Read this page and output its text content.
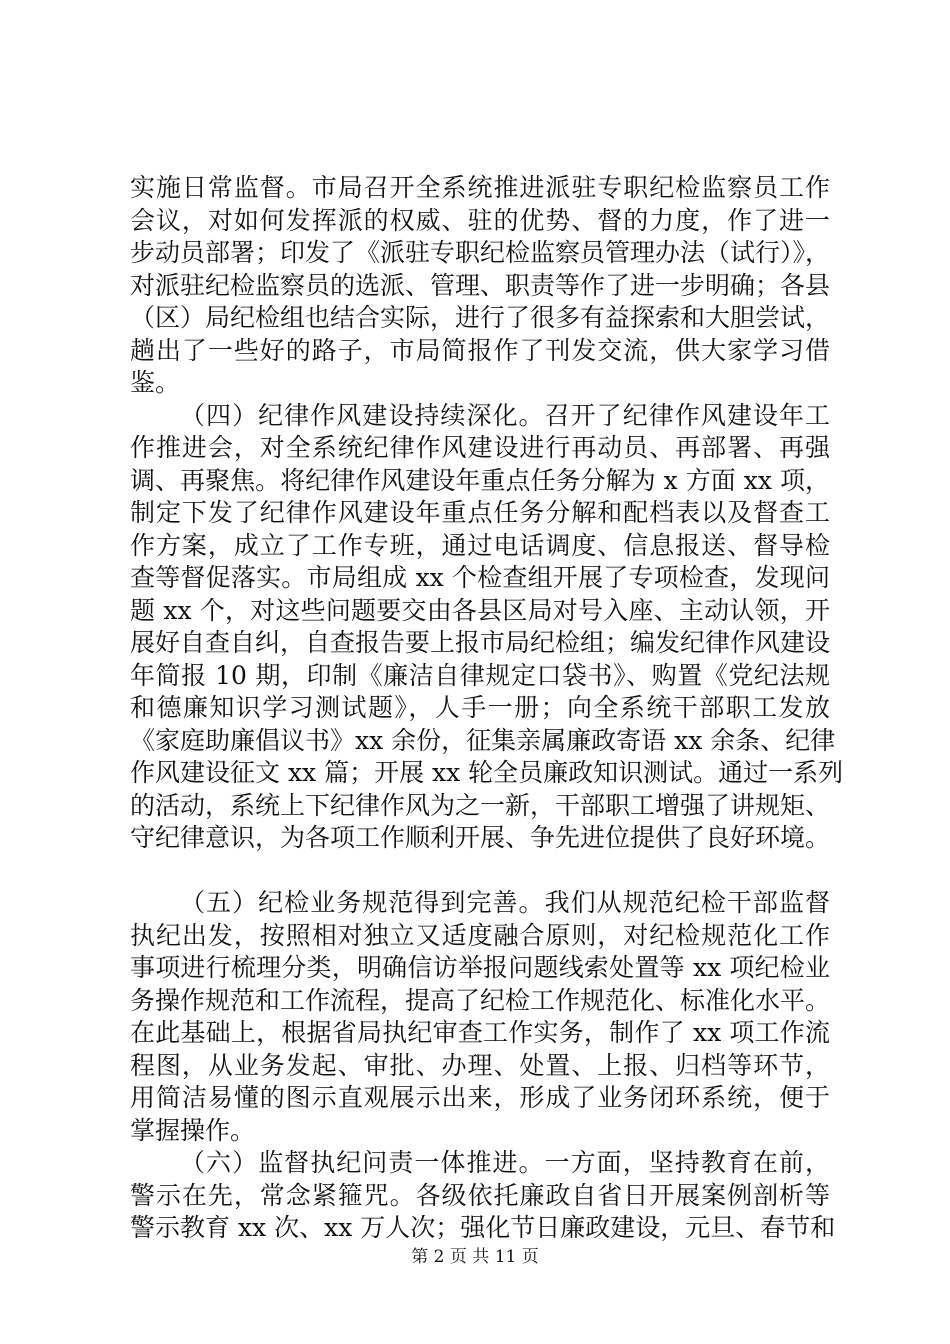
实施日常监督。市局召开全系统推进派驻专职纪检监察员工作
会议，对如何发挥派的权威、驻的优势、督的力度，作了进一
步动员部署；印发了《派驻专职纪检监察员管理办法（试行）》，
对派驻纪检监察员的选派、管理、职责等作了进一步明确；各县
（区）局纪检组也结合实际，进行了很多有益探索和大胆尝试，
趟出了一些好的路子，市局简报作了刊发交流，供大家学习借
鉴。
（四）纪律作风建设持续深化。召开了纪律作风建设年工
作推进会，对全系统纪律作风建设进行再动员、再部署、再强
调、再聚焦。将纪律作风建设年重点任务分解为 x 方面 xx 项，
制定下发了纪律作风建设年重点任务分解和配档表以及督查工
作方案，成立了工作专班，通过电话调度、信息报送、督导检
查等督促落实。市局组成 xx 个检查组开展了专项检查，发现问
题 xx 个，对这些问题要交由各县区局对号入座、主动认领，开
展好自查自纠，自查报告要上报市局纪检组；编发纪律作风建设
年简报 10 期，印制《廉洁自律规定口袋书》、购置《党纪法规
和德廉知识学习测试题》，人手一册；向全系统干部职工发放
《家庭助廉倡议书》xx 余份，征集亲属廉政寄语 xx 余条、纪律
作风建设征文 xx 篇；开展 xx 轮全员廉政知识测试。通过一系列
的活动，系统上下纪律作风为之一新，干部职工增强了讲规矩、
守纪律意识，为各项工作顺利开展、争先进位提供了良好环境。
（五）纪检业务规范得到完善。我们从规范纪检干部监督
执纪出发，按照相对独立又适度融合原则，对纪检规范化工作
事项进行梳理分类，明确信访举报问题线索处置等 xx 项纪检业
务操作规范和工作流程，提高了纪检工作规范化、标准化水平。
在此基础上，根据省局执纪审查工作实务，制作了 xx 项工作流
程图，从业务发起、审批、办理、处置、上报、归档等环节，
用简洁易懂的图示直观展示出来，形成了业务闭环系统，便于
掌握操作。
（六）监督执纪问责一体推进。一方面，坚持教育在前，
警示在先，常念紧箍咒。各级依托廉政自省日开展案例剖析等
警示教育 xx 次、xx 万人次；强化节日廉政建设，元旦、春节和
第 2 页 共 11 页
